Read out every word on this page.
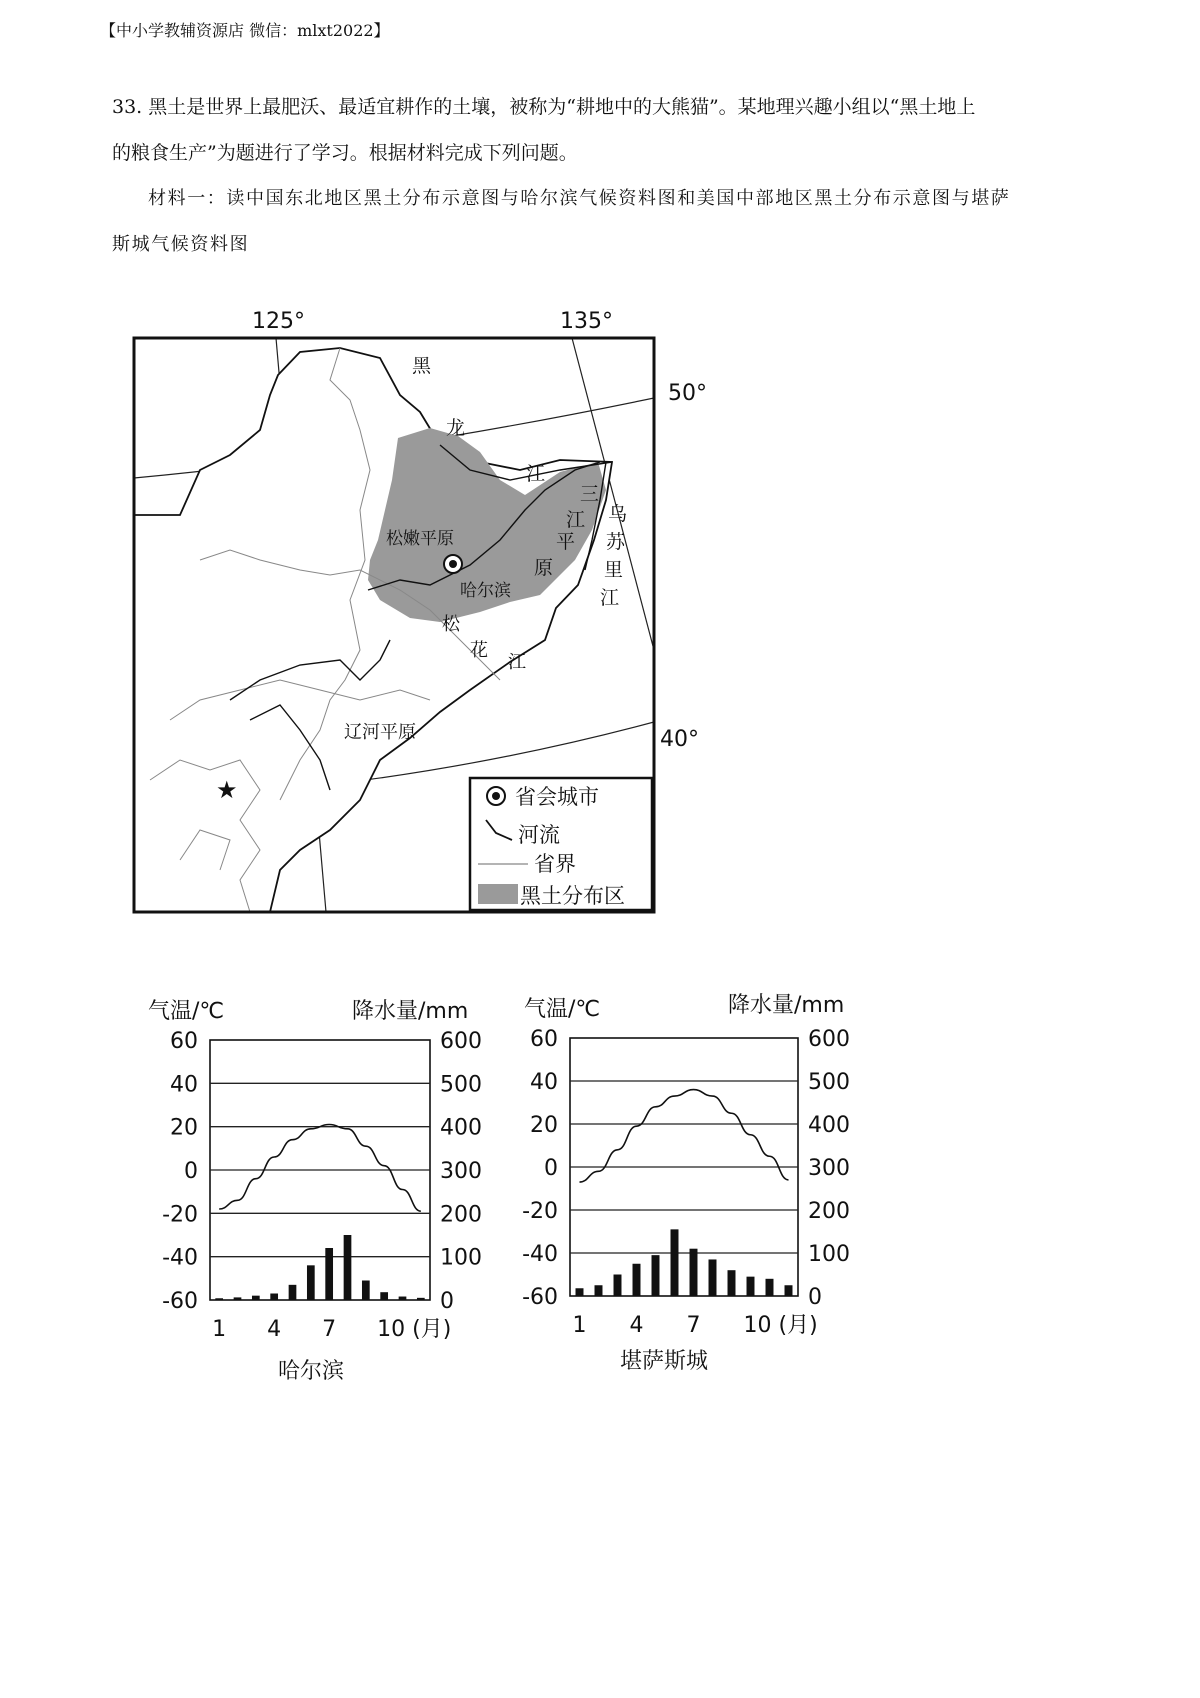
【中小学教辅资源店 微信：mlxt2022】
33. 黑土是世界上最肥沃、最适宜耕作的土壤，被称为“耕地中的大熊猫”。某地理兴趣小组以“黑土地上
的粮食生产”为题进行了学习。根据材料完成下列问题。
材料一：读中国东北地区黑土分布示意图与哈尔滨气候资料图和美国中部地区黑土分布示意图与堪萨
斯城气候资料图
125°	135°
50°
40°
黑
龙
江
三
江
平
原
乌
苏
里
江
松嫩平原
哈尔滨
松
花
江
辽河平原
★	省会城市
河流
省界
黑土分布区
气温/℃	降水量/mm
哈尔滨
60
40
20
0
-20
-40
-60
600
500
400
300
200
100
0
1 4 7 10 (月)
气温/℃	降水量/mm
堪萨斯城
60
40
20
0
-20
-40
-60
600
500
400
300
200
100
0
1 4 7 10 (月)
